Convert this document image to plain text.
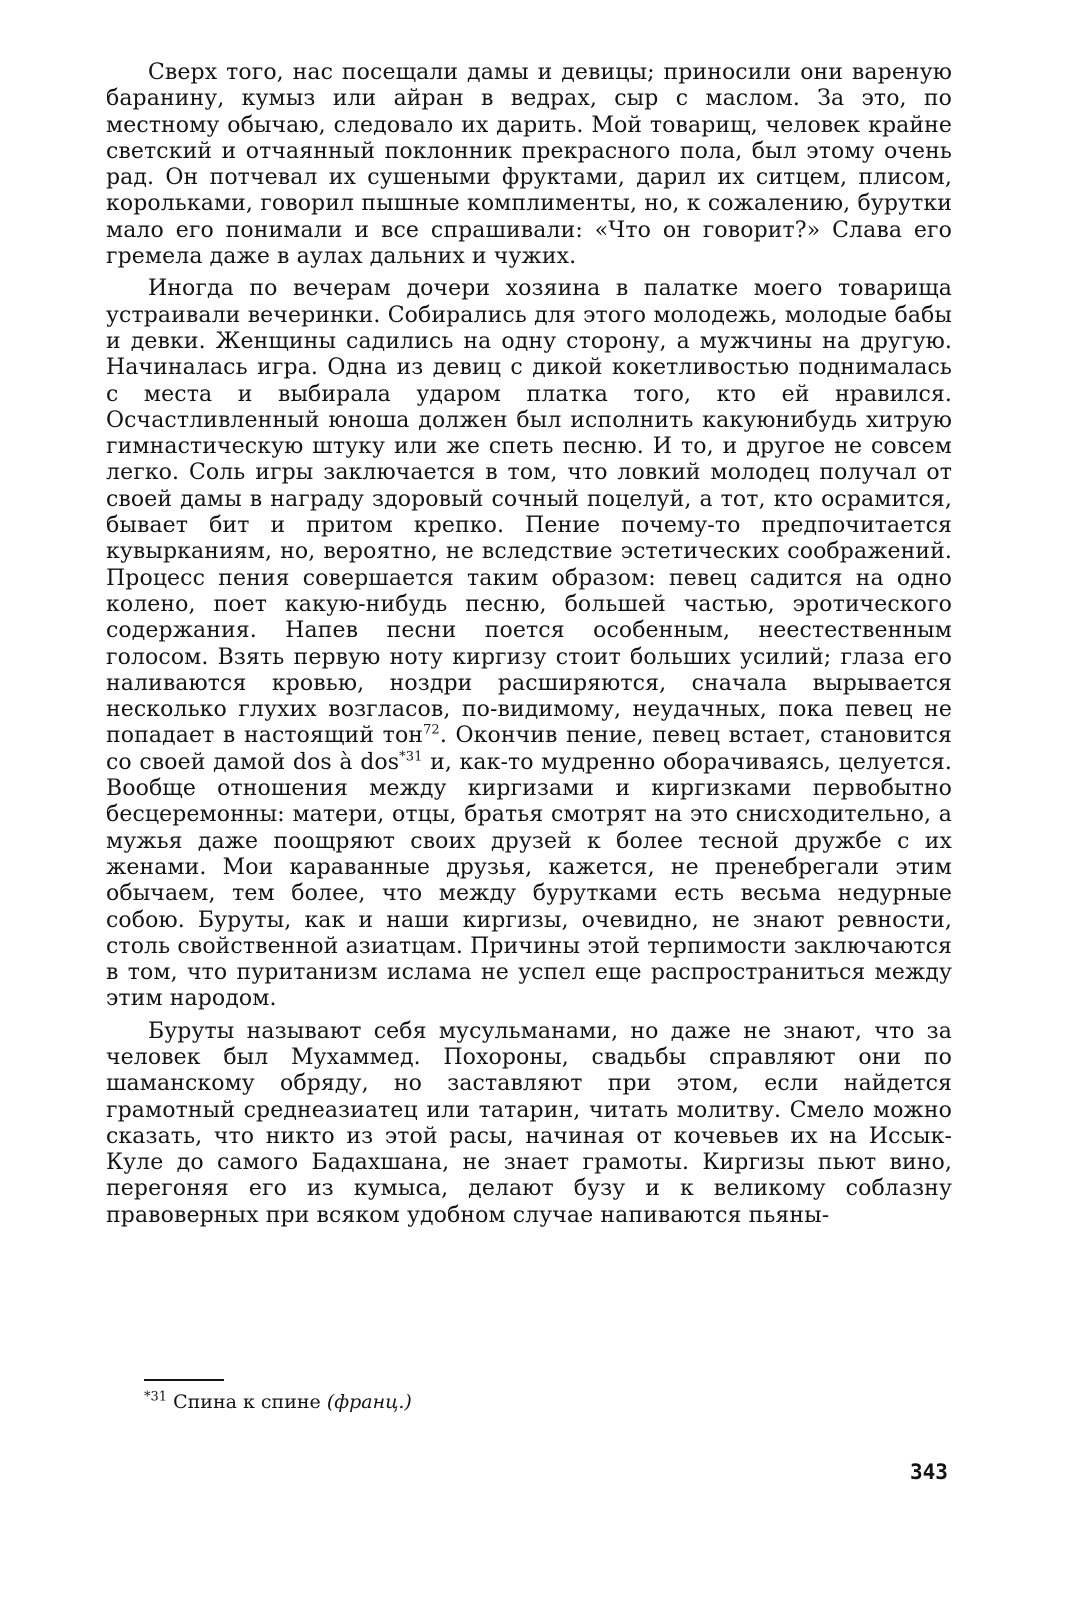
Сверх того, нас посещали дамы и девицы; приносили они вареную баранину, кумыз или айран в ведрах, сыр с маслом. За это, по местному обычаю, следовало их дарить. Мой товарищ, человек крайне светский и отчаянный поклонник прекрасного пола, был этому очень рад. Он потчевал их сушеными фруктами, дарил их ситцем, плисом, корольками, говорил пышные комплименты, но, к сожалению, бурутки мало его понимали и все спрашивали: «Что он говорит?» Слава его гремела даже в аулах дальних и чужих.

Иногда по вечерам дочери хозяина в палатке моего товарища устраивали вечеринки. Собирались для этого молодежь, молодые бабы и девки. Женщины садились на одну сторону, а мужчины на другую. Начиналась игра. Одна из девиц с дикой кокетливостью поднималась с места и выбирала ударом платка того, кто ей нравился. Осчастливленный юноша должен был исполнить какуюнибудь хитрую гимнастическую штуку или же спеть песню. И то, и другое не совсем легко. Соль игры заключается в том, что ловкий молодец получал от своей дамы в награду здоровый сочный поцелуй, а тот, кто осрамится, бывает бит и притом крепко. Пение почему-то предпочитается кувырканиям, но, вероятно, не вследствие эстетических соображений. Процесс пения совершается таким образом: певец садится на одно колено, поет какую-нибудь песню, большей частью, эротического содержания. Напев песни поется особенным, неестественным голосом. Взять первую ноту киргизу стоит больших усилий; глаза его наливаются кровью, ноздри расширяются, сначала вырывается несколько глухих возгласов, по-видимому, неудачных, пока певец не попадает в настоящий тон$^{72}$. Окончив пение, певец встает, становится со своей дамой dos à dos$^{*31}$ и, как-то мудренно оборачиваясь, целуется. Вообще отношения между киргизами и киргизками первобытно бесцеремонны: матери, отцы, братья смотрят на это снисходительно, а мужья даже поощряют своих друзей к более тесной дружбе с их женами. Мои караванные друзья, кажется, не пренебрегали этим обычаем, тем более, что между бурутками есть весьма недурные собою. Буруты, как и наши киргизы, очевидно, не знают ревности, столь свойственной азиатцам. Причины этой терпимости заключаются в том, что пуританизм ислама не успел еще распространиться между этим народом.

Буруты называют себя мусульманами, но даже не знают, что за человек был Мухаммед. Похороны, свадьбы справляют они по шаманскому обряду, но заставляют при этом, если найдется грамотный среднеазиатец или татарин, читать молитву. Смело можно сказать, что никто из этой расы, начиная от кочевьев их на Иссык-Куле до самого Бадахшана, не знает грамоты. Киргизы пьют вино, перегоняя его из кумыса, делают бузу и к великому соблазну правоверных при всяком удобном случае напиваются пьяны-

$^{*31}$ Спина к спине (франц.)
343
